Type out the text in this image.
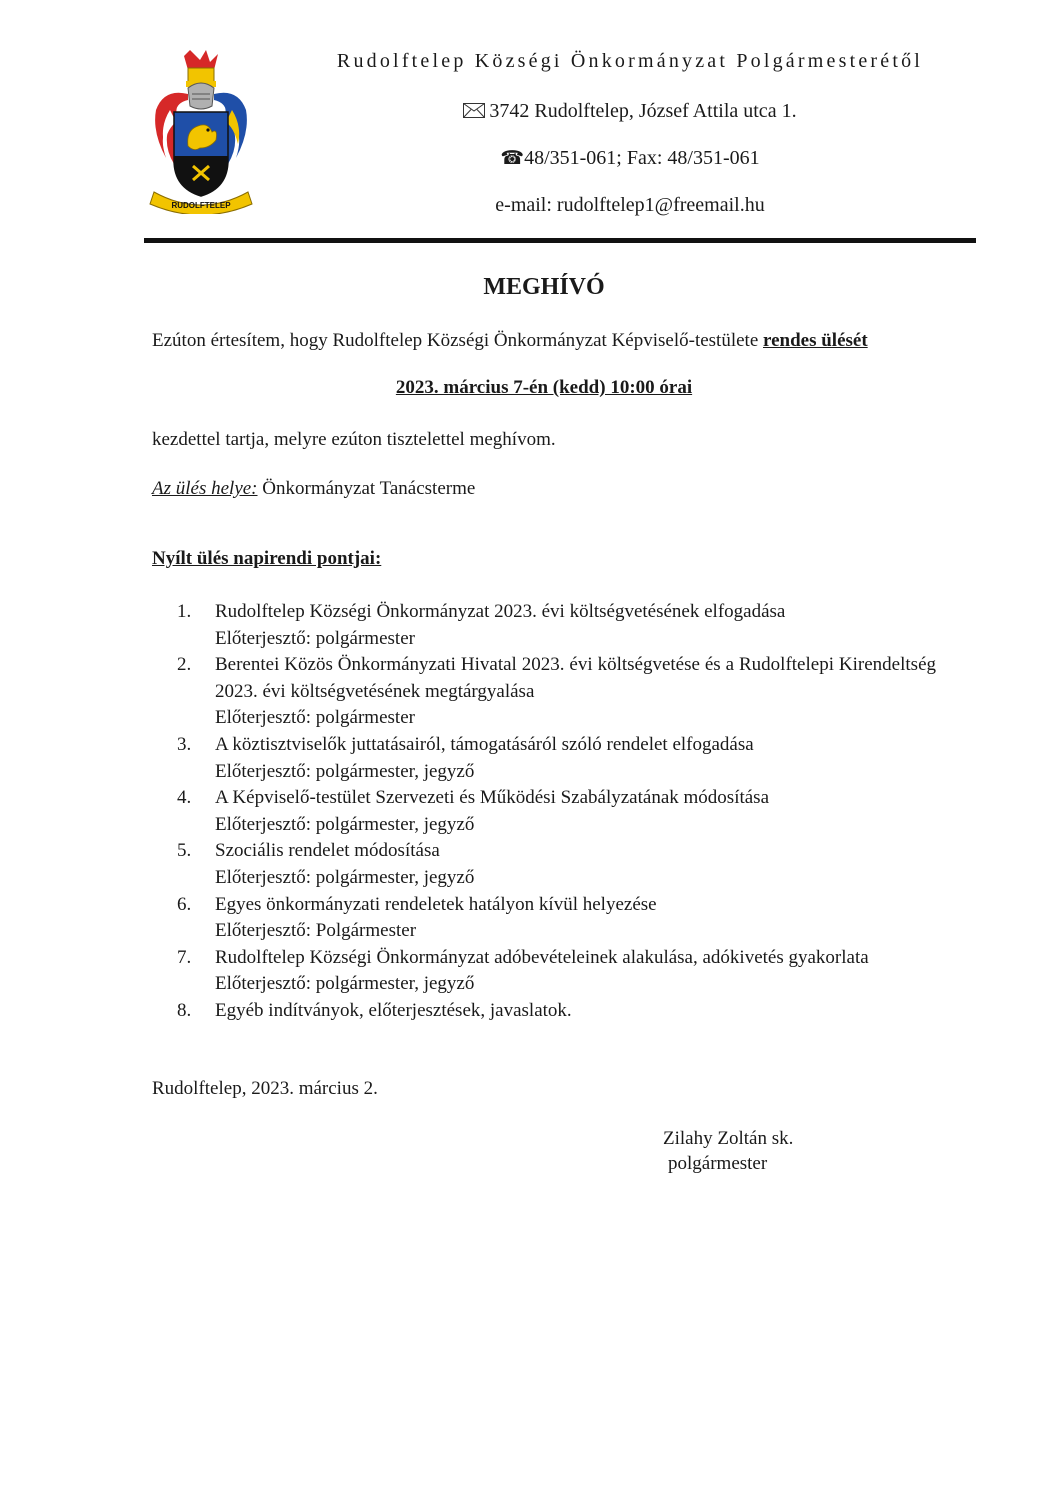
RUDOLFTELEP
Rudolftelep Községi Önkormányzat Polgármesterétől
3742 Rudolftelep, József Attila utca 1.
☎48/351-061; Fax: 48/351-061
e-mail: rudolftelep1@freemail.hu
MEGHÍVÓ
Ezúton értesítem, hogy Rudolftelep Községi Önkormányzat Képviselő-testülete rendes ülését
2023. március 7-én (kedd) 10:00 órai
kezdettel tartja, melyre ezúton tisztelettel meghívom.
Az ülés helye: Önkormányzat Tanácsterme
Nyílt ülés napirendi pontjai:
1.	Rudolftelep Községi Önkormányzat 2023. évi költségvetésének elfogadása
Előterjesztő: polgármester
2.	Berentei Közös Önkormányzati Hivatal 2023. évi költségvetése és a Rudolftelepi Kirendeltség 2023. évi költségvetésének megtárgyalása
Előterjesztő: polgármester
3.	A köztisztviselők juttatásairól, támogatásáról szóló rendelet elfogadása
Előterjesztő: polgármester, jegyző
4.	A Képviselő-testület Szervezeti és Működési Szabályzatának módosítása
Előterjesztő: polgármester, jegyző
5.	Szociális rendelet módosítása
Előterjesztő: polgármester, jegyző
6.	Egyes önkormányzati rendeletek hatályon kívül helyezése
Előterjesztő: Polgármester
7.	Rudolftelep Községi Önkormányzat adóbevételeinek alakulása, adókivetés gyakorlata
Előterjesztő: polgármester, jegyző
8.	Egyéb indítványok, előterjesztések, javaslatok.
Rudolftelep, 2023. március 2.
Zilahy Zoltán sk.
polgármester
